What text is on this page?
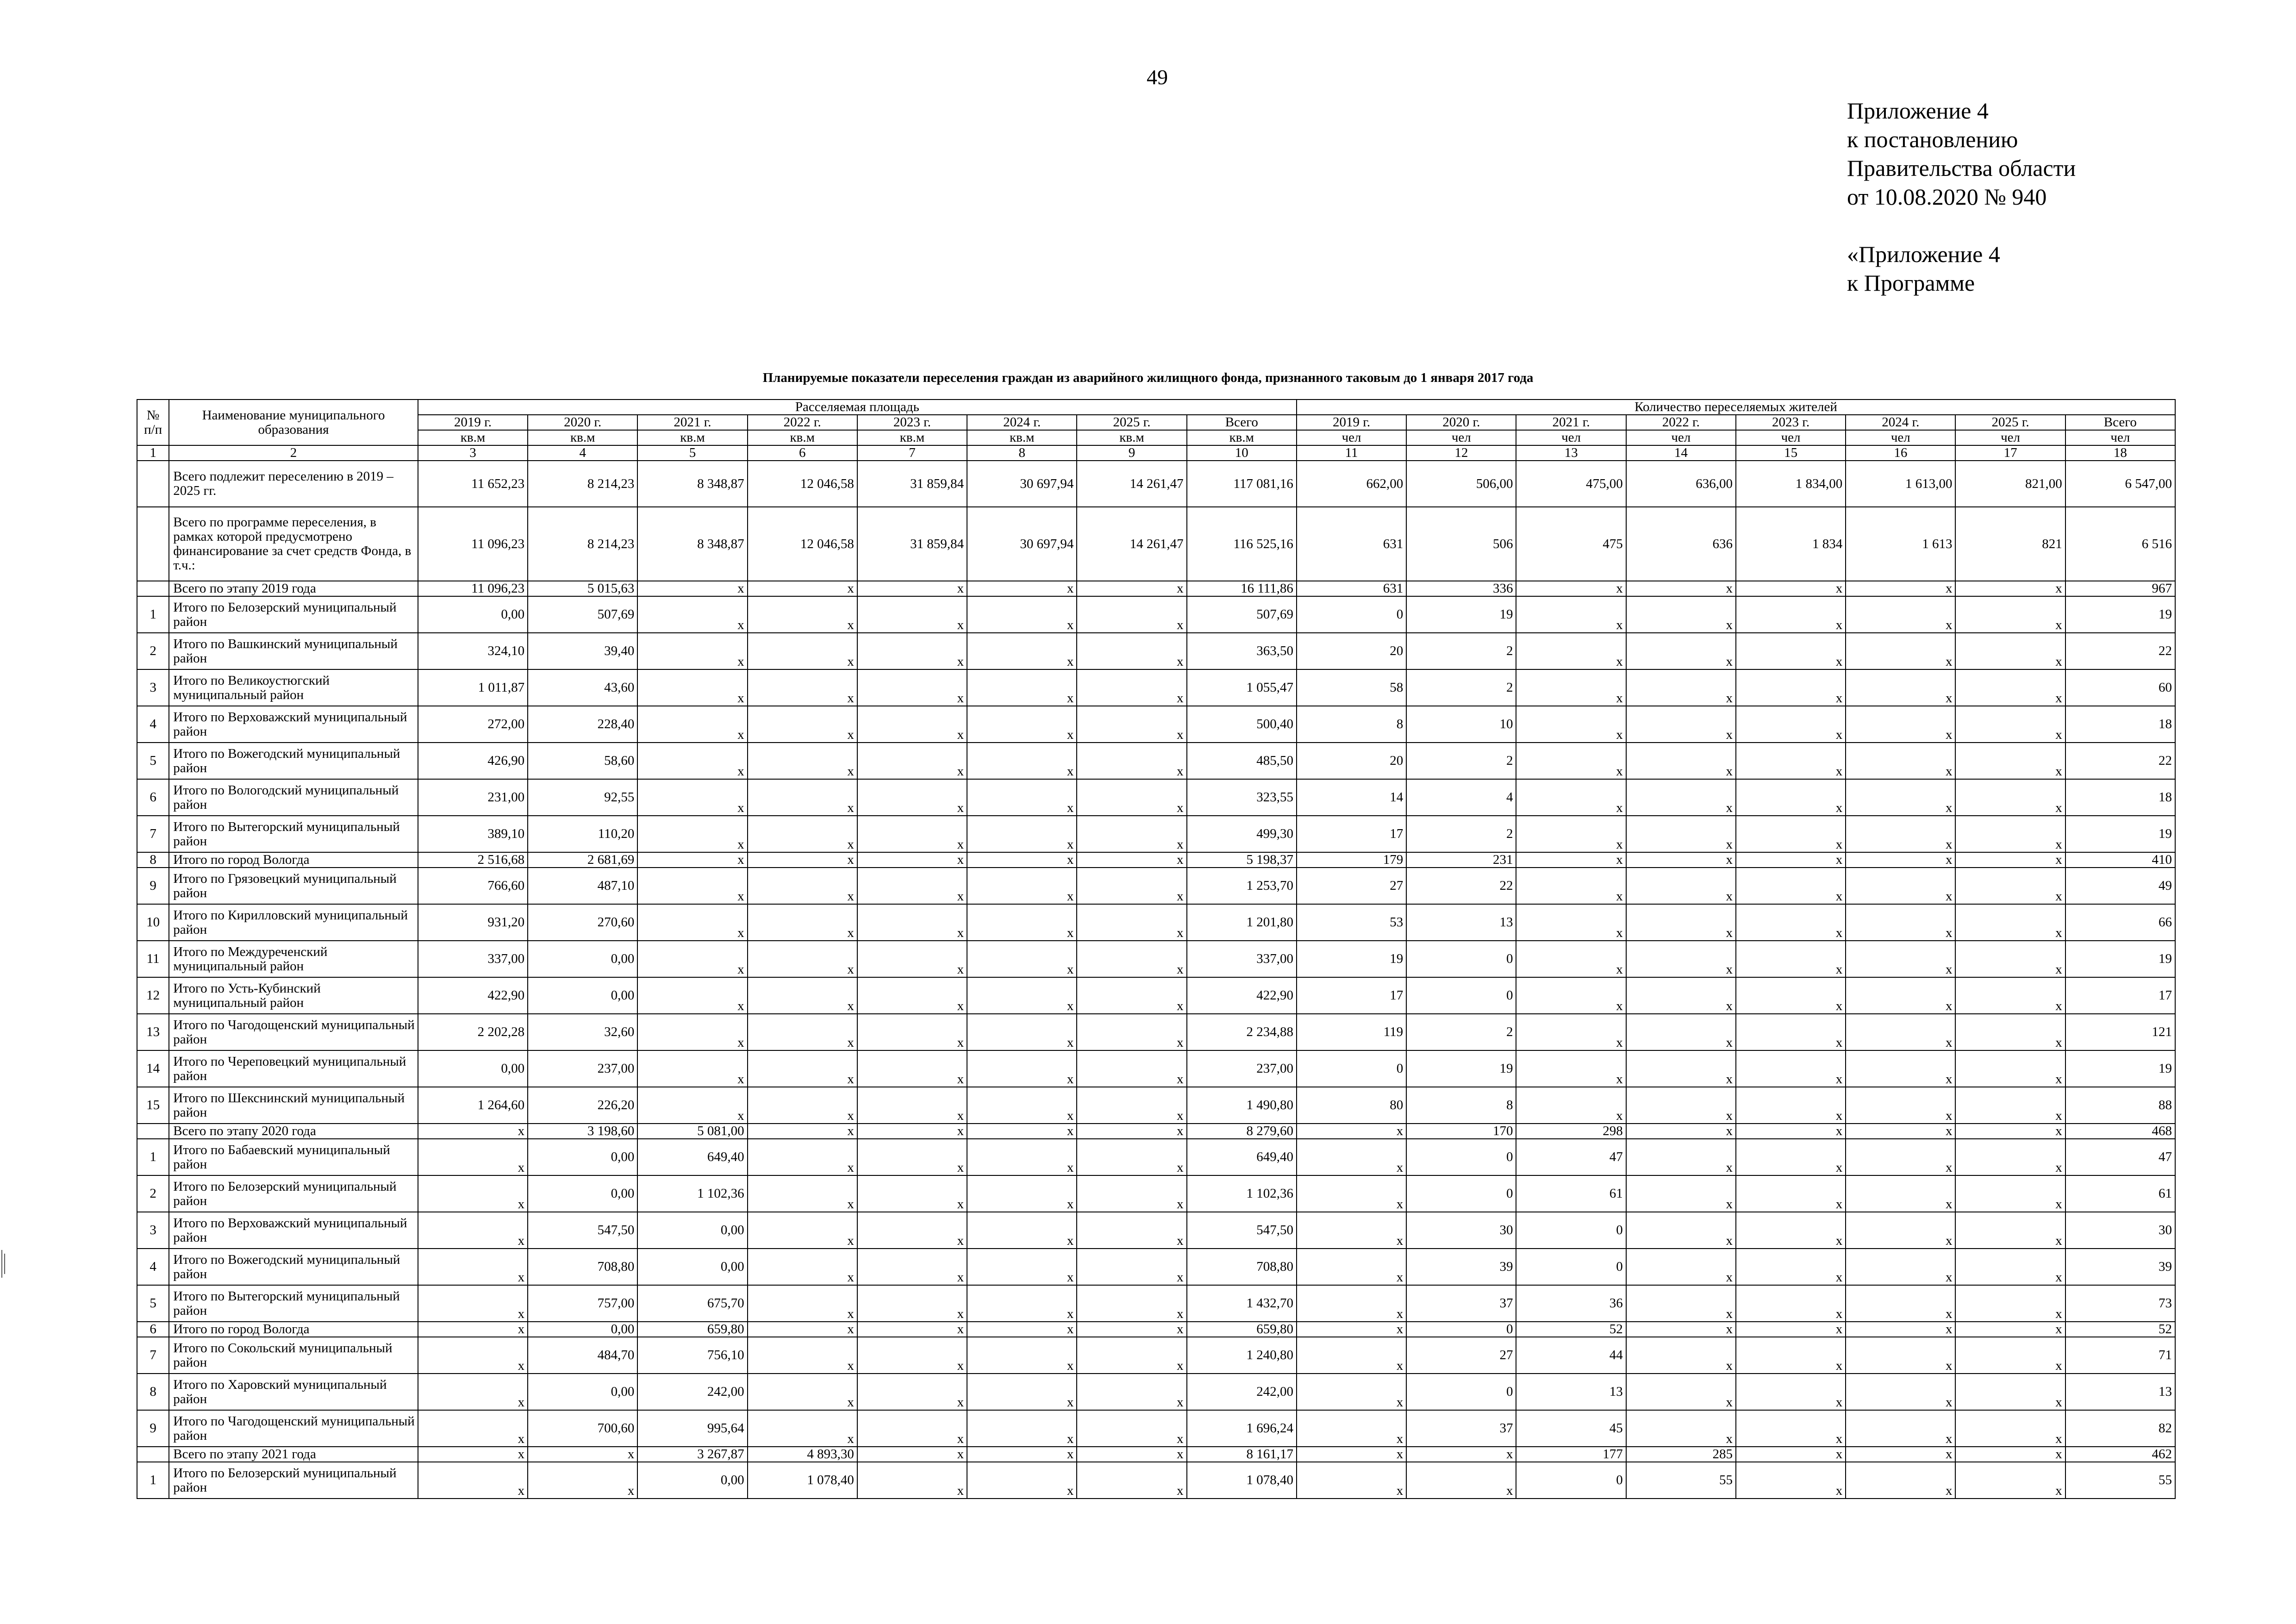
49
Приложение 4
к постановлению
Правительства области
от 10.08.2020 № 940
«Приложение 4
к Программе
Планируемые показатели переселения граждан из аварийного жилищного фонда, признанного таковым до 1 января 2017 года
№ п/п	Наименование муниципального образования	Расселяемая площадь								Количество переселяемых жителей							
		2019 г.	2020 г.	2021 г.	2022 г.	2023 г.	2024 г.	2025 г.	Всего	2019 г.	2020 г.	2021 г.	2022 г.	2023 г.	2024 г.	2025 г.	Всего
		кв.м	кв.м	кв.м	кв.м	кв.м	кв.м	кв.м	кв.м	чел	чел	чел	чел	чел	чел	чел	чел
1	2	3	4	5	6	7	8	9	10	11	12	13	14	15	16	17	18
	Всего подлежит переселению в 2019 – 2025 гг.	11 652,23	8 214,23	8 348,87	12 046,58	31 859,84	30 697,94	14 261,47	117 081,16	662,00	506,00	475,00	636,00	1 834,00	1 613,00	821,00	6 547,00
	Всего по программе переселения, в рамках которой предусмотрено финансирование за счет средств Фонда, в т.ч.:	11 096,23	8 214,23	8 348,87	12 046,58	31 859,84	30 697,94	14 261,47	116 525,16	631	506	475	636	1 834	1 613	821	6 516
	Всего по этапу 2019 года	11 096,23	5 015,63	x	x	x	x	x	16 111,86	631	336	x	x	x	x	x	967
1	Итого по Белозерский муниципальный район	0,00	507,69	x	x	x	x	x	507,69	0	19	x	x	x	x	x	19
2	Итого по Вашкинский муниципальный район	324,10	39,40	x	x	x	x	x	363,50	20	2	x	x	x	x	x	22
3	Итого по Великоустюгский муниципальный район	1 011,87	43,60	x	x	x	x	x	1 055,47	58	2	x	x	x	x	x	60
4	Итого по Верховажский муниципальный район	272,00	228,40	x	x	x	x	x	500,40	8	10	x	x	x	x	x	18
5	Итого по Вожегодский муниципальный район	426,90	58,60	x	x	x	x	x	485,50	20	2	x	x	x	x	x	22
6	Итого по Вологодский муниципальный район	231,00	92,55	x	x	x	x	x	323,55	14	4	x	x	x	x	x	18
7	Итого по Вытегорский муниципальный район	389,10	110,20	x	x	x	x	x	499,30	17	2	x	x	x	x	x	19
8	Итого по город Вологда	2 516,68	2 681,69	x	x	x	x	x	5 198,37	179	231	x	x	x	x	x	410
9	Итого по Грязовецкий муниципальный район	766,60	487,10	x	x	x	x	x	1 253,70	27	22	x	x	x	x	x	49
10	Итого по Кирилловский муниципальный район	931,20	270,60	x	x	x	x	x	1 201,80	53	13	x	x	x	x	x	66
11	Итого по Междуреченский муниципальный район	337,00	0,00	x	x	x	x	x	337,00	19	0	x	x	x	x	x	19
12	Итого по Усть-Кубинский муниципальный район	422,90	0,00	x	x	x	x	x	422,90	17	0	x	x	x	x	x	17
13	Итого по Чагодощенский муниципальный район	2 202,28	32,60	x	x	x	x	x	2 234,88	119	2	x	x	x	x	x	121
14	Итого по Череповецкий муниципальный район	0,00	237,00	x	x	x	x	x	237,00	0	19	x	x	x	x	x	19
15	Итого по Шекснинский муниципальный район	1 264,60	226,20	x	x	x	x	x	1 490,80	80	8	x	x	x	x	x	88
	Всего по этапу 2020 года	x	3 198,60	5 081,00	x	x	x	x	8 279,60	x	170	298	x	x	x	x	468
1	Итого по Бабаевский муниципальный район	x	0,00	649,40	x	x	x	x	649,40	x	0	47	x	x	x	x	47
2	Итого по Белозерский муниципальный район	x	0,00	1 102,36	x	x	x	x	1 102,36	x	0	61	x	x	x	x	61
3	Итого по Верховажский муниципальный район	x	547,50	0,00	x	x	x	x	547,50	x	30	0	x	x	x	x	30
4	Итого по Вожегодский муниципальный район	x	708,80	0,00	x	x	x	x	708,80	x	39	0	x	x	x	x	39
5	Итого по Вытегорский муниципальный район	x	757,00	675,70	x	x	x	x	1 432,70	x	37	36	x	x	x	x	73
6	Итого по город Вологда	x	0,00	659,80	x	x	x	x	659,80	x	0	52	x	x	x	x	52
7	Итого по Сокольский муниципальный район	x	484,70	756,10	x	x	x	x	1 240,80	x	27	44	x	x	x	x	71
8	Итого по Харовский муниципальный район	x	0,00	242,00	x	x	x	x	242,00	x	0	13	x	x	x	x	13
9	Итого по Чагодощенский муниципальный район	x	700,60	995,64	x	x	x	x	1 696,24	x	37	45	x	x	x	x	82
	Всего по этапу 2021 года	x	x	3 267,87	4 893,30	x	x	x	8 161,17	x	x	177	285	x	x	x	462
1	Итого по Белозерский муниципальный район	x	x	0,00	1 078,40	x	x	x	1 078,40	x	x	0	55	x	x	x	55
